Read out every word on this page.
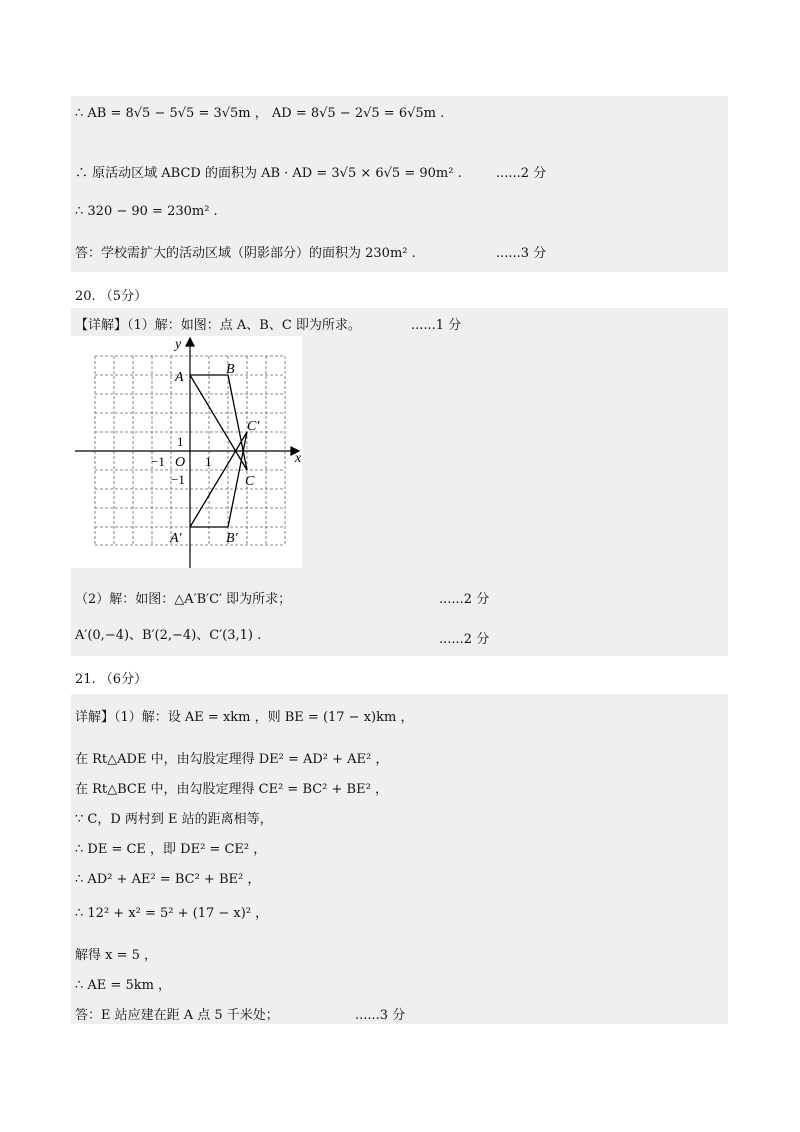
∴ AB = 8√5 − 5√5 = 3√5m ， AD = 8√5 − 2√5 = 6√5m .
∴ 原活动区域 ABCD 的面积为 AB · AD = 3√5 × 6√5 = 90m² .	......2 分
∴ 320 − 90 = 230m² .
答：学校需扩大的活动区域（阴影部分）的面积为 230m² .	......3 分
20. （5分）
【详解】（1）解：如图：点 A、B、C 即为所求。	......1 分
x
y
O
−1	1
1
−1
A
B
C
A′	B′
C′
（2）解：如图：△A′B′C′ 即为所求；	......2 分
A′(0,−4)、B′(2,−4)、C′(3,1) .	......2 分
21. （6分）
详解】（1）解：设 AE = xkm ，则 BE = (17 − x)km ，
在 Rt△ADE 中，由勾股定理得 DE² = AD² + AE² ，
在 Rt△BCE 中，由勾股定理得 CE² = BC² + BE² ，
∵ C，D 两村到 E 站的距离相等，
∴ DE = CE ，即 DE² = CE² ，
∴ AD² + AE² = BC² + BE² ，
∴ 12² + x² = 5² + (17 − x)² ，
解得 x = 5 ，
∴ AE = 5km ，
答：E 站应建在距 A 点 5 千米处；	......3 分
